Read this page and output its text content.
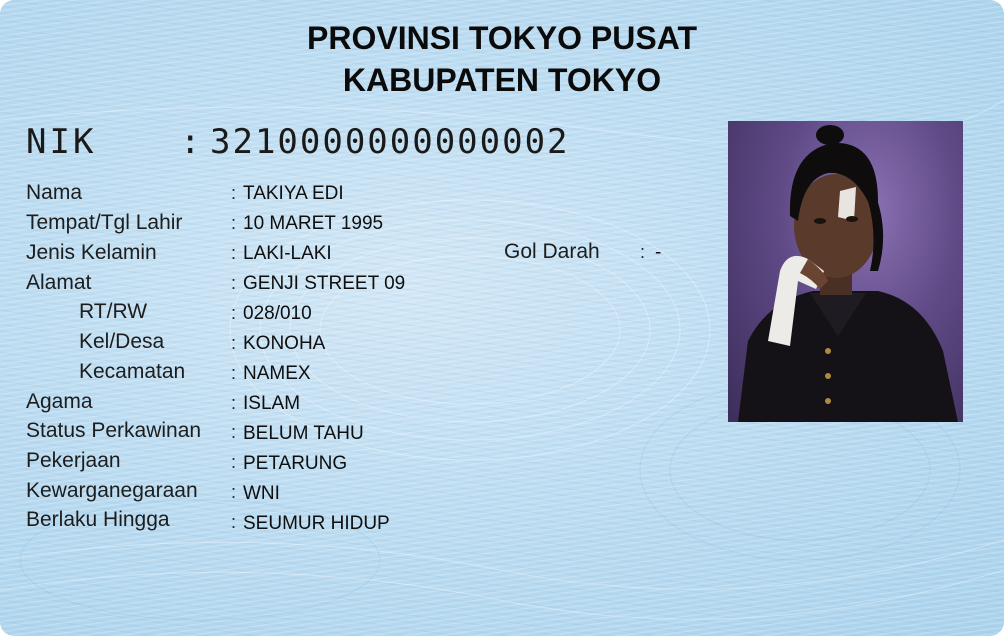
PROVINSI TOKYO PUSAT
KABUPATEN TOKYO
NIK : 3210000000000002
Nama	: TAKIYA EDI
Tempat/Tgl Lahir	: 10 MARET 1995
Jenis Kelamin	: LAKI-LAKI	Gol Darah : -
Alamat	: GENJI STREET 09
RT/RW	: 028/010
Kel/Desa	: KONOHA
Kecamatan	: NAMEX
Agama	: ISLAM
Status Perkawinan : BELUM TAHU
Pekerjaan	: PETARUNG
Kewarganegaraan : WNI
Berlaku Hingga	: SEUMUR HIDUP
